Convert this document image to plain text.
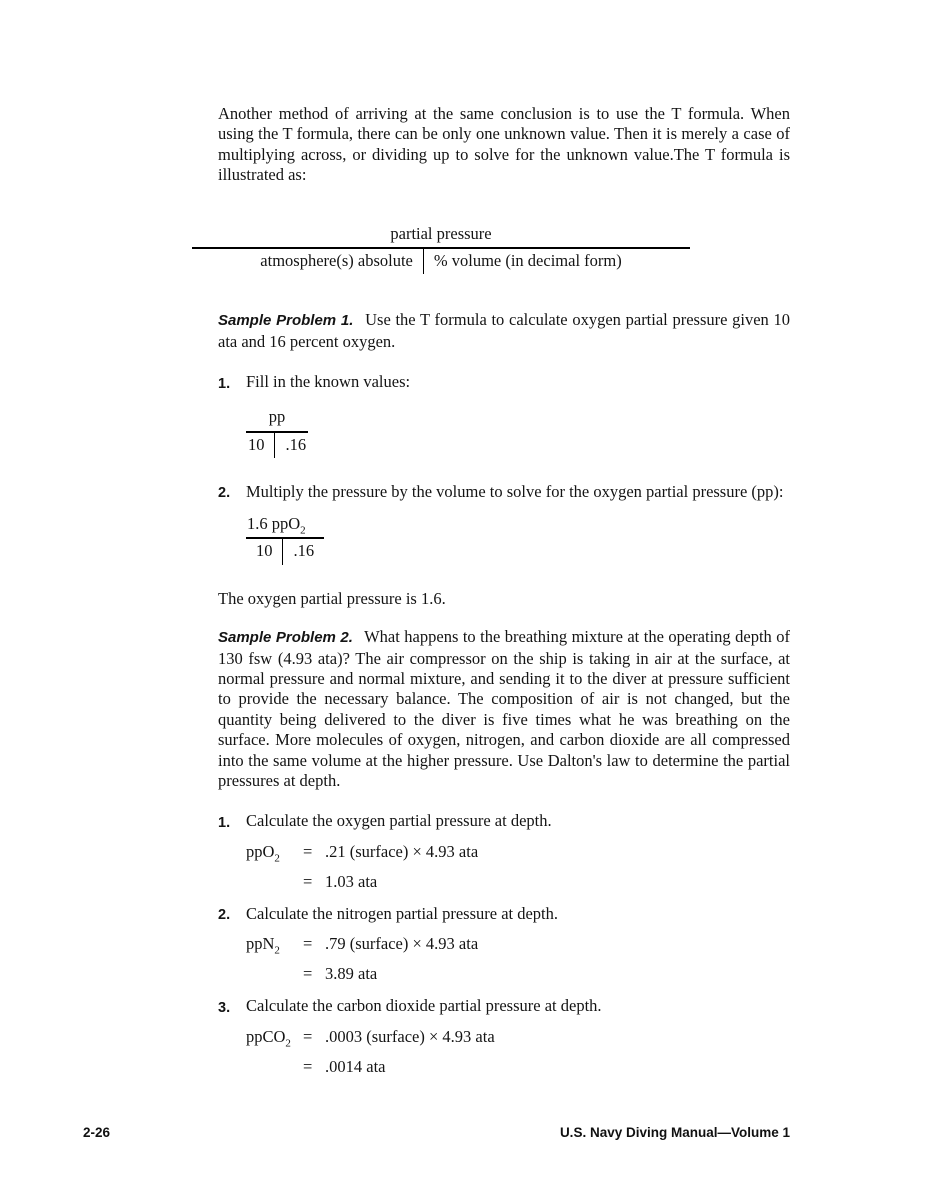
Another method of arriving at the same conclusion is to use the T formula. When using the T formula, there can be only one unknown value. Then it is merely a case of multiplying across, or dividing up to solve for the unknown value.The T formula is illustrated as:

partial pressure
atmosphere(s) absolute	% volume (in decimal form)

Sample Problem 1. Use the T formula to calculate oxygen partial pressure given 10 ata and 16 percent oxygen.

1. Fill in the known values:
pp
10	.16
2. Multiply the pressure by the volume to solve for the oxygen partial pressure (pp):
1.6 ppO$_2$
10	.16

The oxygen partial pressure is 1.6.

Sample Problem 2. What happens to the breathing mixture at the operating depth of 130 fsw (4.93 ata)? The air compressor on the ship is taking in air at the surface, at normal pressure and normal mixture, and sending it to the diver at pressure sufficient to provide the necessary balance. The composition of air is not changed, but the quantity being delivered to the diver is five times what he was breathing on the surface. More molecules of oxygen, nitrogen, and carbon dioxide are all compressed into the same volume at the higher pressure. Use Dalton's law to determine the partial pressures at depth.

1. Calculate the oxygen partial pressure at depth.
ppO$_2$	= .21 (surface) × 4.93 ata
= 1.03 ata
2. Calculate the nitrogen partial pressure at depth.
ppN$_2$	= .79 (surface) × 4.93 ata
= 3.89 ata
3. Calculate the carbon dioxide partial pressure at depth.
ppCO$_2$ = .0003 (surface) × 4.93 ata
= .0014 ata
2-26	U.S. Navy Diving Manual—Volume 1
